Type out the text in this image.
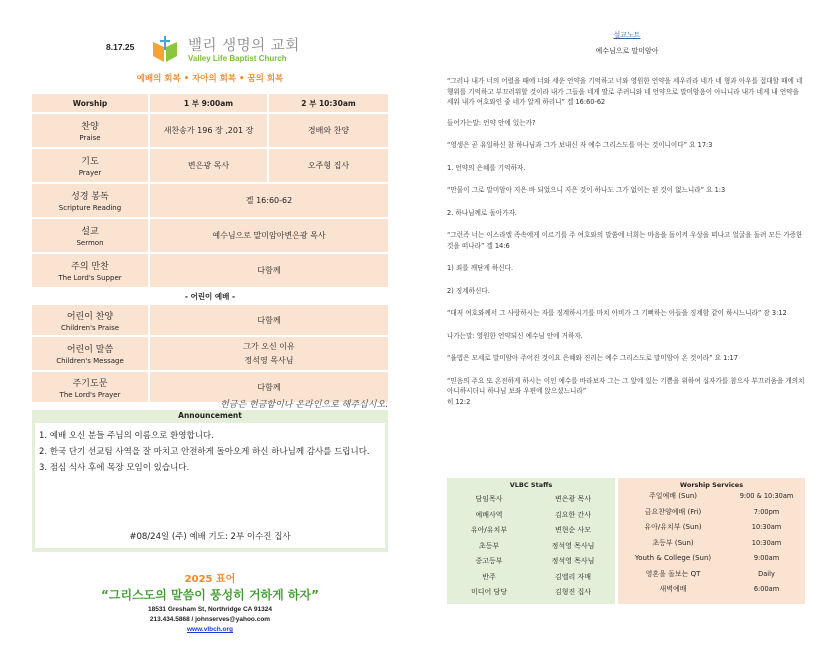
8.17.25	밸리 생명의 교회
Valley Life Baptist Church
예배의 회복 • 자아의 회복 • 꿈의 회복
Worship	1 부 9:00am	2 부 10:30am

찬양
Praise	새찬송가 196 장 ,201 장	경배와 찬양

기도
Prayer	변은광 목사	오주형 집사

성경 봉독
Scripture Reading	겔 16:60-62	

설교
Sermon	예수님으로 말미암아변은광 목사	

주의 만찬
The Lord's Supper	다함께	
- 어린이 예배 -		

어린이 찬양
Children's Praise	다함께	

어린이 말씀
Children's Message	그가 오신 이유
정석영 목사님	

주기도문
The Lord's Prayer	다함께	
헌금은 헌금함이나 온라인으로 해주십시오.
Announcement

1. 예배 오신 분들 주님의 이름으로 환영합니다.

2. 한국 단기 선교팀 사역을 잘 마치고 안전하게 돌아오게 하신 하나님께 감사를 드립니다.

3. 점심 식사 후에 목장 모임이 있습니다.

#08/24일 (주) 예배 기도: 2부 이수진 집사
2025 표어
“그리스도의 말씀이 풍성히 거하게 하자”
18531 Gresham St, Northridge CA 91324
213.434.5868 / johnserves@yahoo.com
www.vlbch.org
설교노트
예수님으로 말미암아

“그러나 내가 너의 어렸을 때에 너와 세운 언약을 기억하고 너와 영원한 언약을 세우리라 네가 네 형과 아우를 접대할 때에 네 행위를 기억하고 부끄러워할 것이라 내가 그들을 네게 딸로 주려니와 네 언약으로 말미암음이 아니니라 내가 네게 내 언약을 세워 내가 여호와인 줄 네가 알게 하리니” 겔 16:60-62

들어가는말: 언약 안에 있는가?

“영생은 곧 유일하신 참 하나님과 그가 보내신 자 예수 그리스도를 아는 것이니이다” 요 17:3

1. 언약의 은혜를 기억하자.

“만물이 그로 말미암아 지은 바 되었으니 지은 것이 하나도 그가 없이는 된 것이 없느니라” 요 1:3

2. 하나님께로 돌아가자.

“그런즉 너는 이스라엘 족속에게 이르기를 주 여호와의 말씀에 너희는 마음을 돌이켜 우상을 떠나고 얼굴을 돌려 모든 가증한 것을 떠나라” 겔 14:6

1) 죄를 깨닫게 하신다.

2) 징계하신다.

“대저 여호와께서 그 사랑하시는 자를 징계하시기를 마치 아비가 그 기뻐하는 아들을 징계함 같이 하시느니라” 잠 3:12

나가는말: 영원한 언약되신 예수님 안에 거하자.

“율법은 모세로 말미암아 주어진 것이요 은혜와 진리는 예수 그리스도로 말미암아 온 것이라” 요 1:17

“믿음의 주요 또 온전하게 하시는 이인 예수를 바라보자 그는 그 앞에 있는 기쁨을 위하여 십자가를 참으사 부끄러움을 개의치 아니하시더니 하나님 보좌 우편에 앉으셨느니라”

히 12:2

VLBC Staffs
담임목사	변은광 목사
예배사역	김요한 간사
유아/유치부	변현순 사모
초등부	정석영 목사님
중고등부	정석영 목사님
반주	김엘리 자매
미디어 담당	김형진 집사
Worship Services
주일예배 (Sun)	9:00 & 10:30am
금요찬양예배 (Fri)	7:00pm
유아/유치부 (Sun)	10:30am
초등부 (Sun)	10:30am
Youth & College (Sun)	9:00am
영혼을 돌보는 QT	Daily
새벽예배	6:00am
